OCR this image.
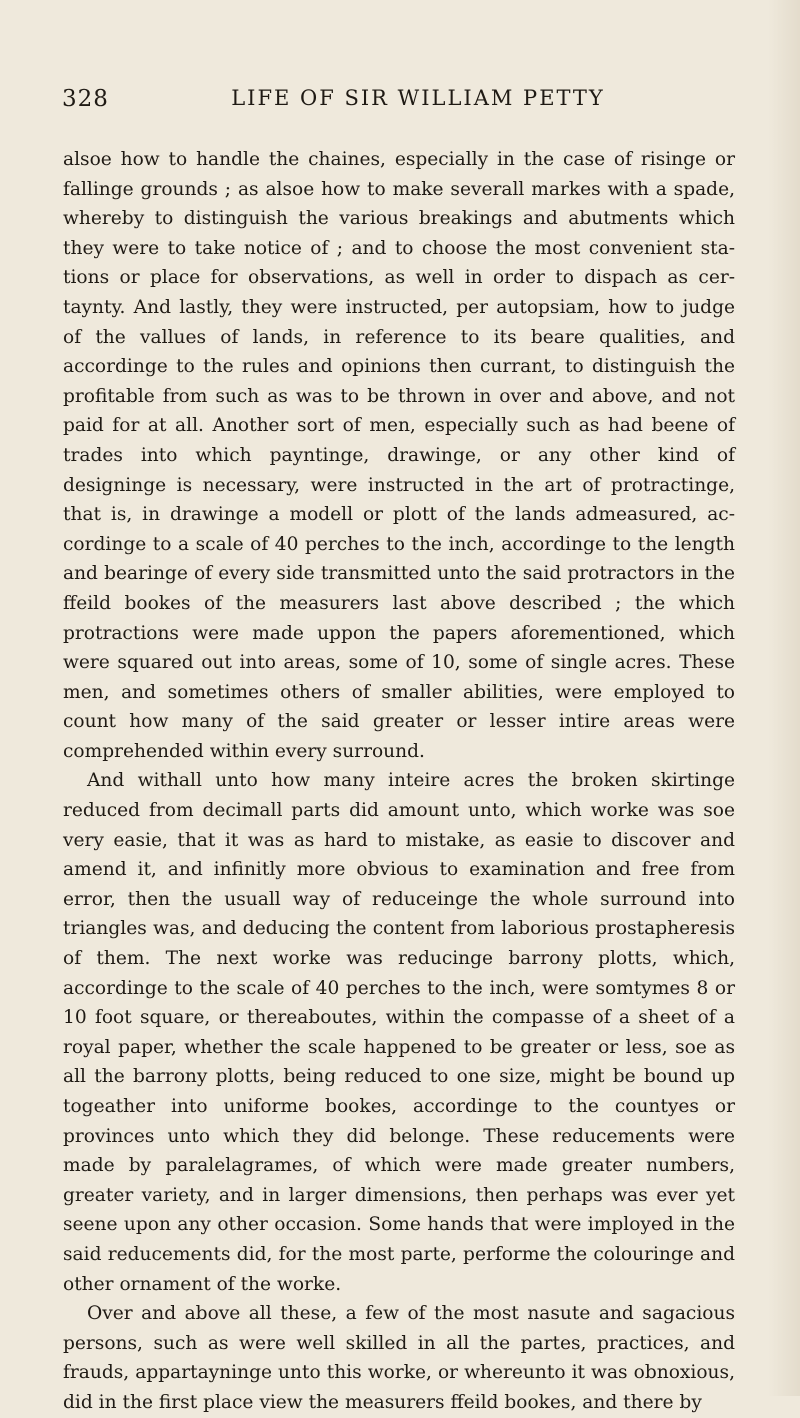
328	LIFE OF SIR WILLIAM PETTY

alsoe how to handle the chaines, especially in the case of risinge or fallinge grounds ; as alsoe how to make severall markes with a spade, whereby to distinguish the various breakings and abutments which they were to take notice of ; and to choose the most convenient sta- tions or place for observations, as well in order to dispach as cer- taynty. And lastly, they were instructed, per autopsiam, how to judge of the vallues of lands, in reference to its beare qualities, and accordinge to the rules and opinions then currant, to distinguish the profitable from such as was to be thrown in over and above, and not paid for at all. Another sort of men, especially such as had beene of trades into which payntinge, drawinge, or any other kind of designinge is necessary, were instructed in the art of protractinge, that is, in drawinge a modell or plott of the lands admeasured, ac- cordinge to a scale of 40 perches to the inch, accordinge to the length and bearinge of every side transmitted unto the said protractors in the ffeild bookes of the measurers last above described ; the which protractions were made uppon the papers aforementioned, which were squared out into areas, some of 10, some of single acres. These men, and sometimes others of smaller abilities, were employed to count how many of the said greater or lesser intire areas were comprehended within every surround.

And withall unto how many inteire acres the broken skirtinge reduced from decimall parts did amount unto, which worke was soe very easie, that it was as hard to mistake, as easie to discover and amend it, and infinitly more obvious to examination and free from error, then the usuall way of reduceinge the whole surround into triangles was, and deducing the content from laborious prostapheresis of them. The next worke was reducinge barrony plotts, which, accordinge to the scale of 40 perches to the inch, were somtymes 8 or 10 foot square, or thereaboutes, within the compasse of a sheet of a royal paper, whether the scale happened to be greater or less, soe as all the barrony plotts, being reduced to one size, might be bound up togeather into uniforme bookes, accordinge to the countyes or provinces unto which they did belonge. These reducements were made by paralelagrames, of which were made greater numbers, greater variety, and in larger dimensions, then perhaps was ever yet seene upon any other occasion. Some hands that were imployed in the said reducements did, for the most parte, performe the colouringe and other ornament of the worke.

Over and above all these, a few of the most nasute and sagacious persons, such as were well skilled in all the partes, practices, and frauds, appartayninge unto this worke, or whereunto it was obnoxious, did in the first place view the measurers ffeild bookes, and there by
